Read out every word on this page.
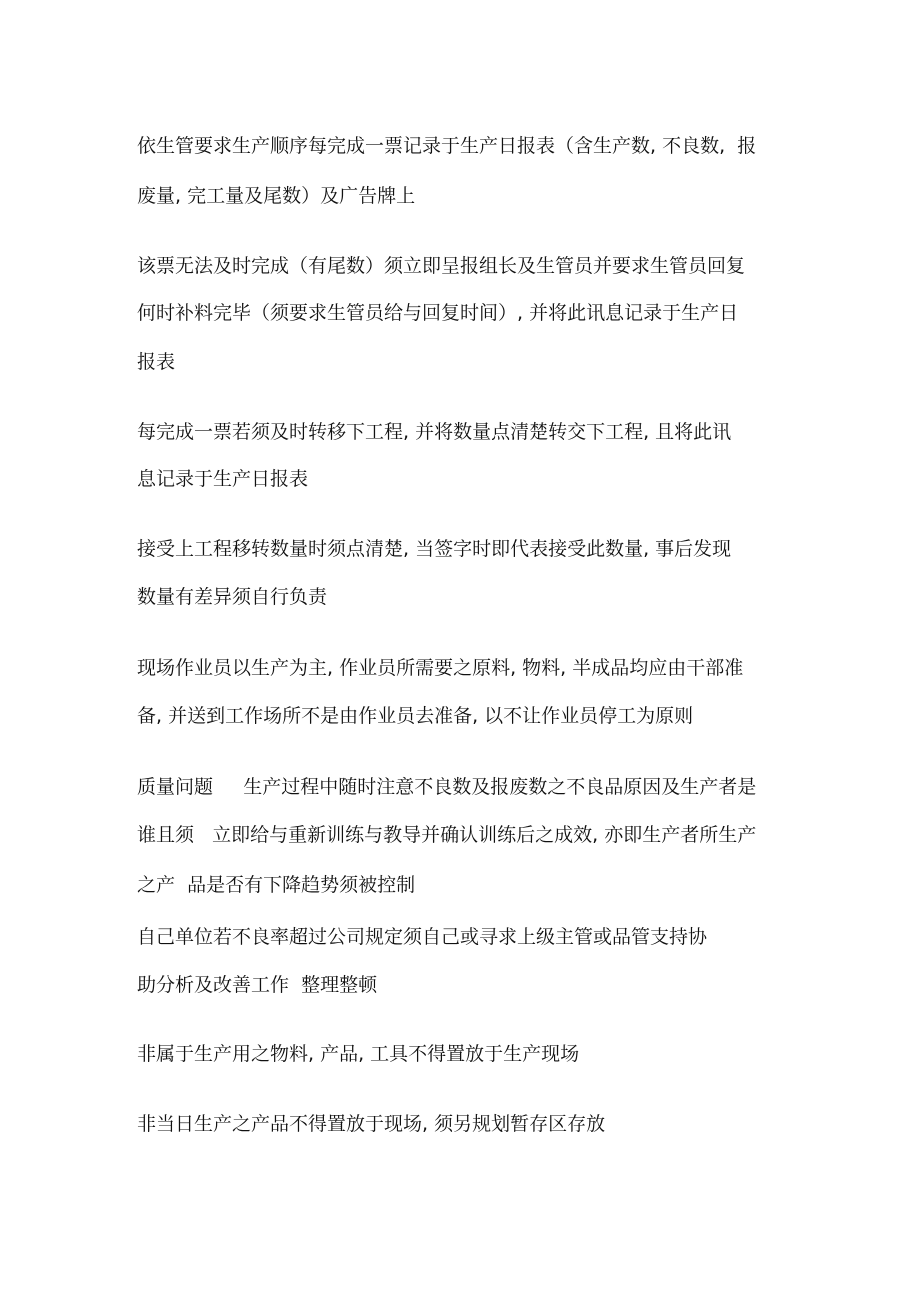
依生管要求生产顺序每完成一票记录于生产日报表（含生产数, 不良数,  报
废量, 完工量及尾数）及广告牌上
该票无法及时完成（有尾数）须立即呈报组长及生管员并要求生管员回复
何时补料完毕（须要求生管员给与回复时间）, 并将此讯息记录于生产日
报表
每完成一票若须及时转移下工程, 并将数量点清楚转交下工程, 且将此讯
息记录于生产日报表
接受上工程移转数量时须点清楚, 当签字时即代表接受此数量, 事后发现
数量有差异须自行负责
现场作业员以生产为主, 作业员所需要之原料, 物料, 半成品均应由干部准
备, 并送到工作场所不是由作业员去准备, 以不让作业员停工为原则
质量问题     生产过程中随时注意不良数及报废数之不良品原因及生产者是
谁且须   立即给与重新训练与教导并确认训练后之成效, 亦即生产者所生产
之产  品是否有下降趋势须被控制
自己单位若不良率超过公司规定须自己或寻求上级主管或品管支持协
助分析及改善工作  整理整顿
非属于生产用之物料, 产品, 工具不得置放于生产现场
非当日生产之产品不得置放于现场, 须另规划暂存区存放
